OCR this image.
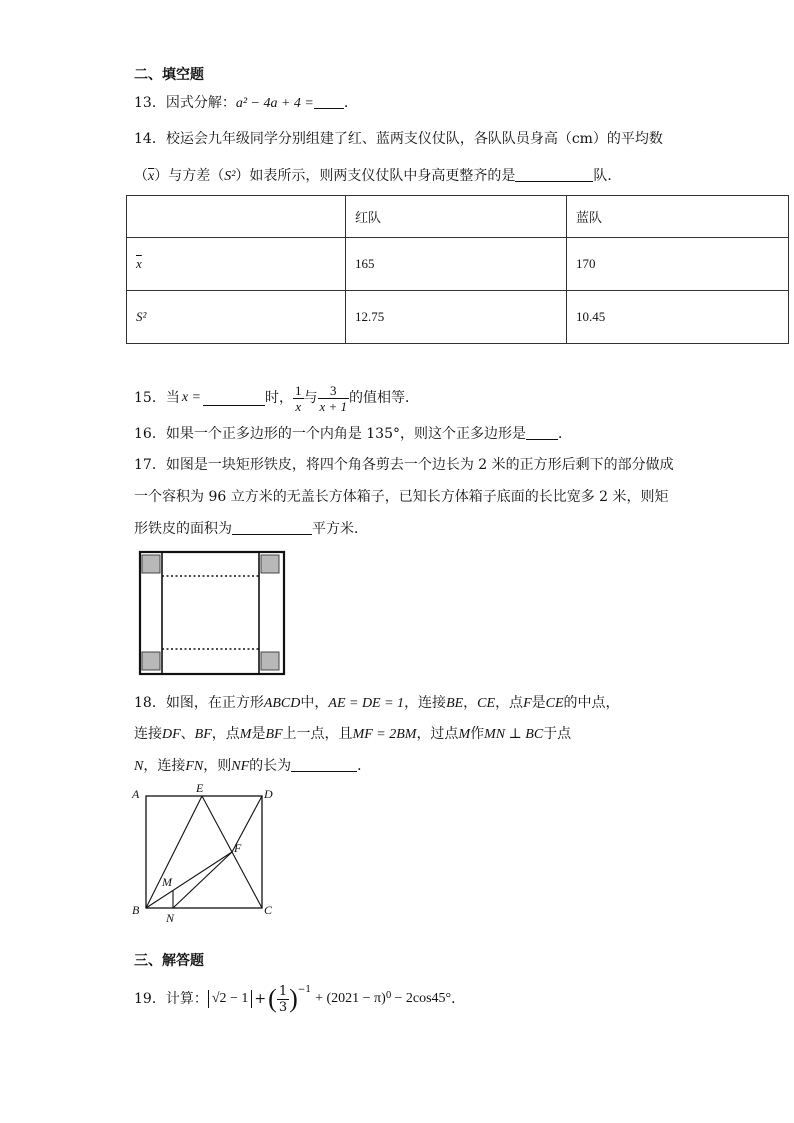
二、填空题
13．因式分解：a² − 4a + 4 = .
14．校运会九年级同学分别组建了红、蓝两支仪仗队，各队队员身高（cm）的平均数
$(\overline{x})$与方差（S²）如表所示，则两支仪仗队中身高更整齐的是	队．
	红队	蓝队
$\overline{x}$	165	170
S²	12.75	10.45
15．当 x =	时， $\frac{1}{x}$ 与 $\frac{3}{x + 1}$ 的值相等．
16．如果一个正多边形的一个内角是 135°，则这个正多边形是 ．
17．如图是一块矩形铁皮，将四个角各剪去一个边长为 2 米的正方形后剩下的部分做成
一个容积为 96 立方米的无盖长方体箱子，已知长方体箱子底面的长比宽多 2 米，则矩
形铁皮的面积为	平方米．
18．如图，在正方形ABCD中，AE = DE = 1，连接BE，CE，点F是CE的中点，
连接DF、BF，点M是BF上一点，且MF = 2BM，过点M作MN ⊥ BC于点
N，连接FN，则NF的长为	．
A	E	D
F
M
B
N
C
三、解答题
19．计算： √2 − 1 + ( $\frac{1}{3}$ ) −1
+ (2021 − π) 0 − 2cos45° ．
